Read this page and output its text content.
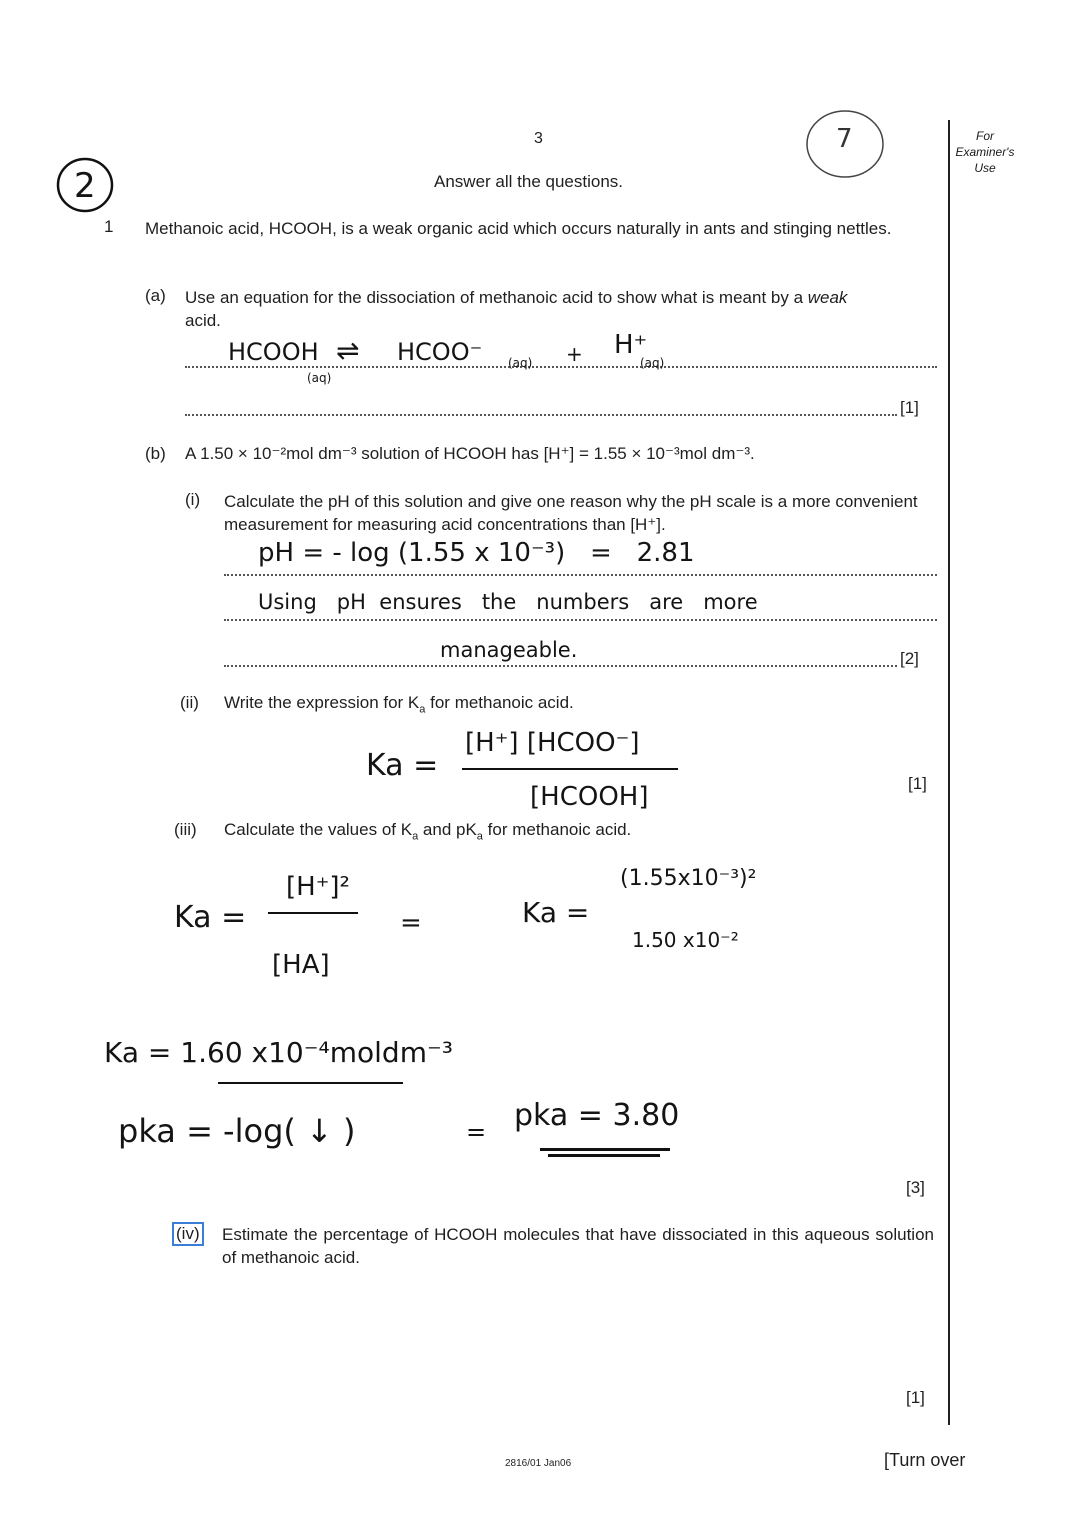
2
3	7	For
Examiner's
Use
Answer all the questions.
1 Methanoic acid, HCOOH, is a weak organic acid which occurs naturally in ants and stinging nettles.
(a) Use an equation for the dissociation of methanoic acid to show what is meant by a weak
acid.
[1]
HCOOH
(aq)
⇌ HCOO⁻ (aq) + H⁺
(aq)
(b) A 1.50 × 10⁻²mol dm⁻³ solution of HCOOH has [H⁺] = 1.55 × 10⁻³mol dm⁻³.
(i) Calculate the pH of this solution and give one reason why the pH scale is a more convenient measurement for measuring acid concentrations than [H⁺].
[2]
pH = - log (1.55 x 10⁻³)   =   2.81
Using   pH  ensures   the   numbers   are   more
manageable.
(ii) Write the expression for $K_a$ for methanoic acid.
Ka =
[H⁺] [HCOO⁻]
[HCOOH]	[1]
(iii) Calculate the values of $K_a$ and $pK_a$ for methanoic acid.
Ka =
[H⁺]²
[HA]
=	Ka =
(1.55x10⁻³)²
1.50 x10⁻²
Ka = 1.60 x10⁻⁴moldm⁻³
pka = -log( ↓ )	= pka = 3.80
[3]
(iv) Estimate the percentage of HCOOH molecules that have dissociated in this aqueous solution of methanoic acid.
[1]
2816/01 Jan06	[Turn over
